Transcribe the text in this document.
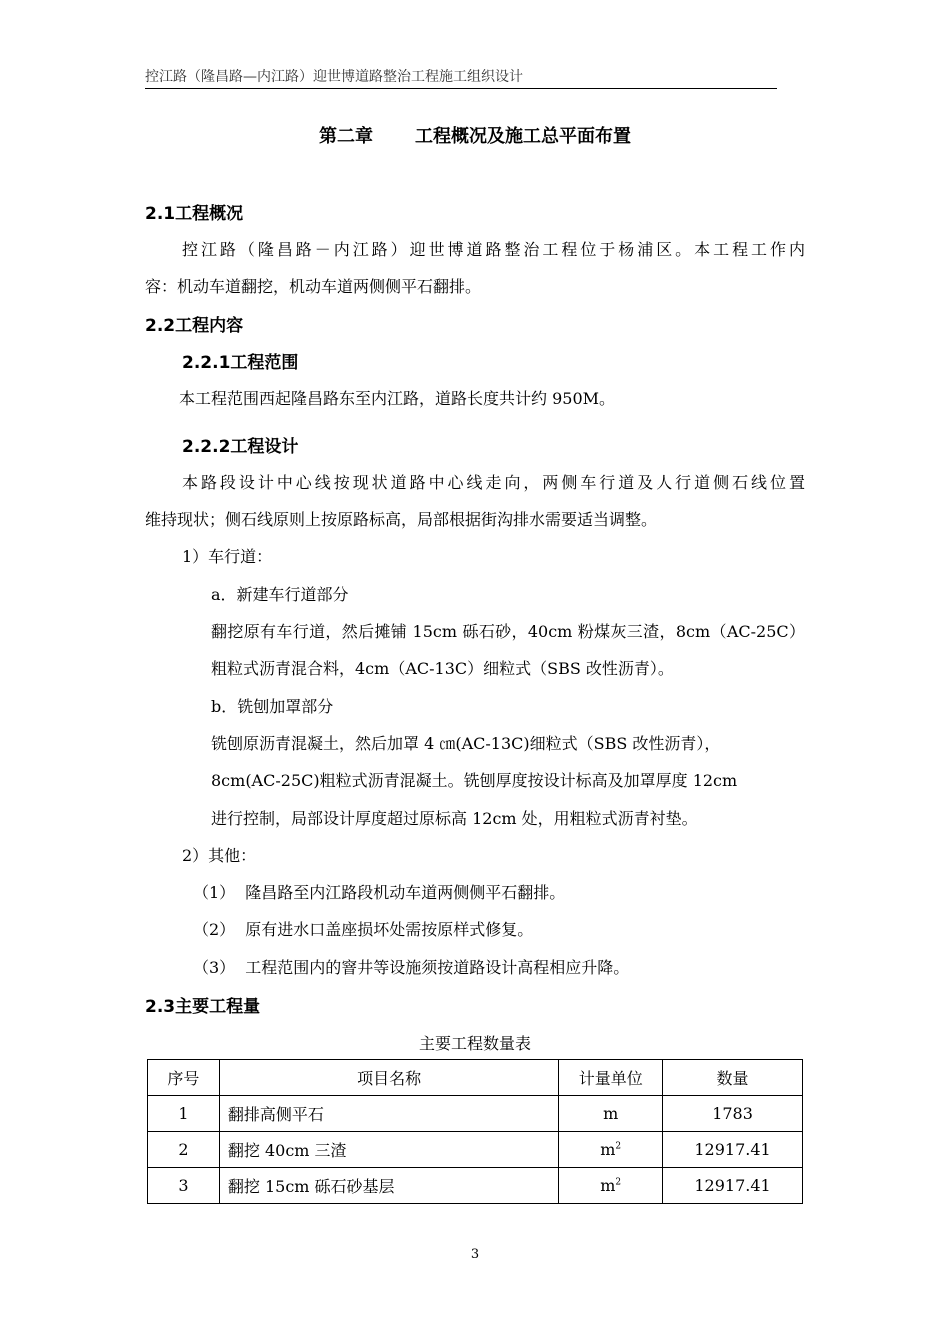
控江路（隆昌路—内江路）迎世博道路整治工程施工组织设计
第二章 工程概况及施工总平面布置
2.1工程概况
控江路（隆昌路－内江路）迎世博道路整治工程位于杨浦区。本工程工作内
容：机动车道翻挖，机动车道两侧侧平石翻排。
2.2工程内容
2.2.1工程范围
本工程范围西起隆昌路东至内江路，道路长度共计约 950M。
2.2.2工程设计
本路段设计中心线按现状道路中心线走向，两侧车行道及人行道侧石线位置
维持现状；侧石线原则上按原路标高，局部根据街沟排水需要适当调整。
1）车行道：
a．新建车行道部分
翻挖原有车行道，然后摊铺 15cm 砾石砂，40cm 粉煤灰三渣，8cm（AC-25C）
粗粒式沥青混合料，4cm（AC-13C）细粒式（SBS 改性沥青）。
b．铣刨加罩部分
铣刨原沥青混凝土，然后加罩 4 ㎝(AC-13C)细粒式（SBS 改性沥青），
8cm(AC-25C)粗粒式沥青混凝土。铣刨厚度按设计标高及加罩厚度 12cm
进行控制，局部设计厚度超过原标高 12cm 处，用粗粒式沥青衬垫。
2）其他：
（1） 隆昌路至内江路段机动车道两侧侧平石翻排。
（2） 原有进水口盖座损坏处需按原样式修复。
（3） 工程范围内的窨井等设施须按道路设计高程相应升降。
2.3主要工程量
主要工程数量表
序号	项目名称	计量单位	数量
1	翻排高侧平石	m	1783
2	翻挖 40cm 三渣	$m^2$	12917.41
3	翻挖 15cm 砾石砂基层	$m^2$	12917.41
3
